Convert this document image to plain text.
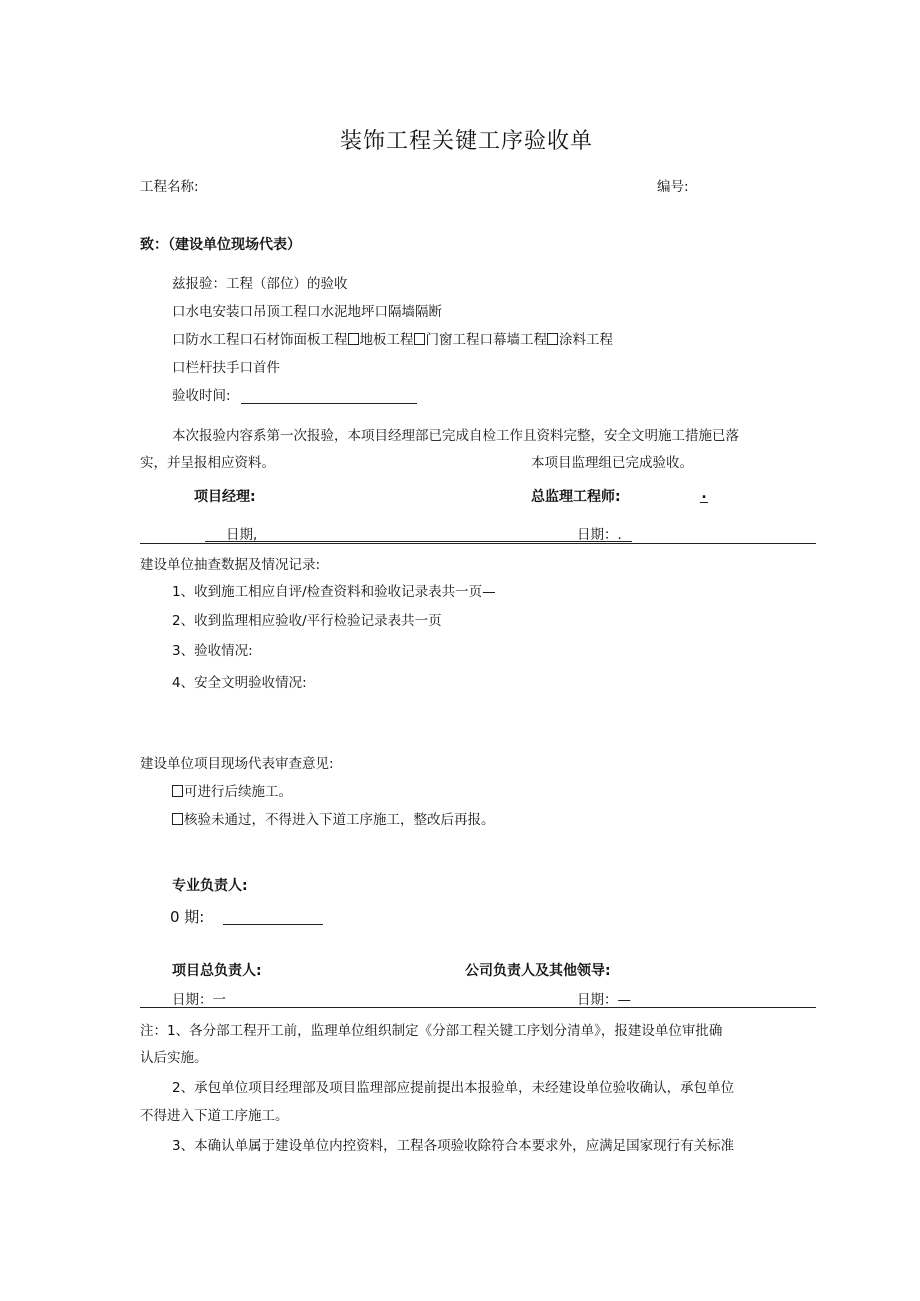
装饰工程关键工序验收单
工程名称:	编号:
致：（建设单位现场代表）
兹报验：工程（部位）的验收
口水电安装口吊顶工程口水泥地坪口隔墙隔断
口防水工程口石材饰面板工程 地板工程 门窗工程口幕墙工程 涂料工程
口栏杆扶手口首件
验收时间:
本次报验内容系第一次报验，本项目经理部已完成自检工作且资料完整，安全文明施工措施已落
实，并呈报相应资料。	本项目监理组已完成验收。
项目经理:	总监理工程师:	.
日期,	日期：.
建设单位抽查数据及情况记录:
1、收到施工相应自评/检查资料和验收记录表共一页—
2、收到监理相应验收/平行检验记录表共一页
3、验收情况:
4、安全文明验收情况:
建设单位项目现场代表审查意见:
可进行后续施工。
核验未通过，不得进入下道工序施工，整改后再报。
专业负责人:
0 期:
项目总负责人:	公司负责人及其他领导:
日期：一	日期：—
注：1、各分部工程开工前，监理单位组织制定《分部工程关键工序划分清单》，报建设单位审批确
认后实施。
2、承包单位项目经理部及项目监理部应提前提出本报验单，未经建设单位验收确认，承包单位
不得进入下道工序施工。
3、本确认单属于建设单位内控资料，工程各项验收除符合本要求外，应满足国家现行有关标准
